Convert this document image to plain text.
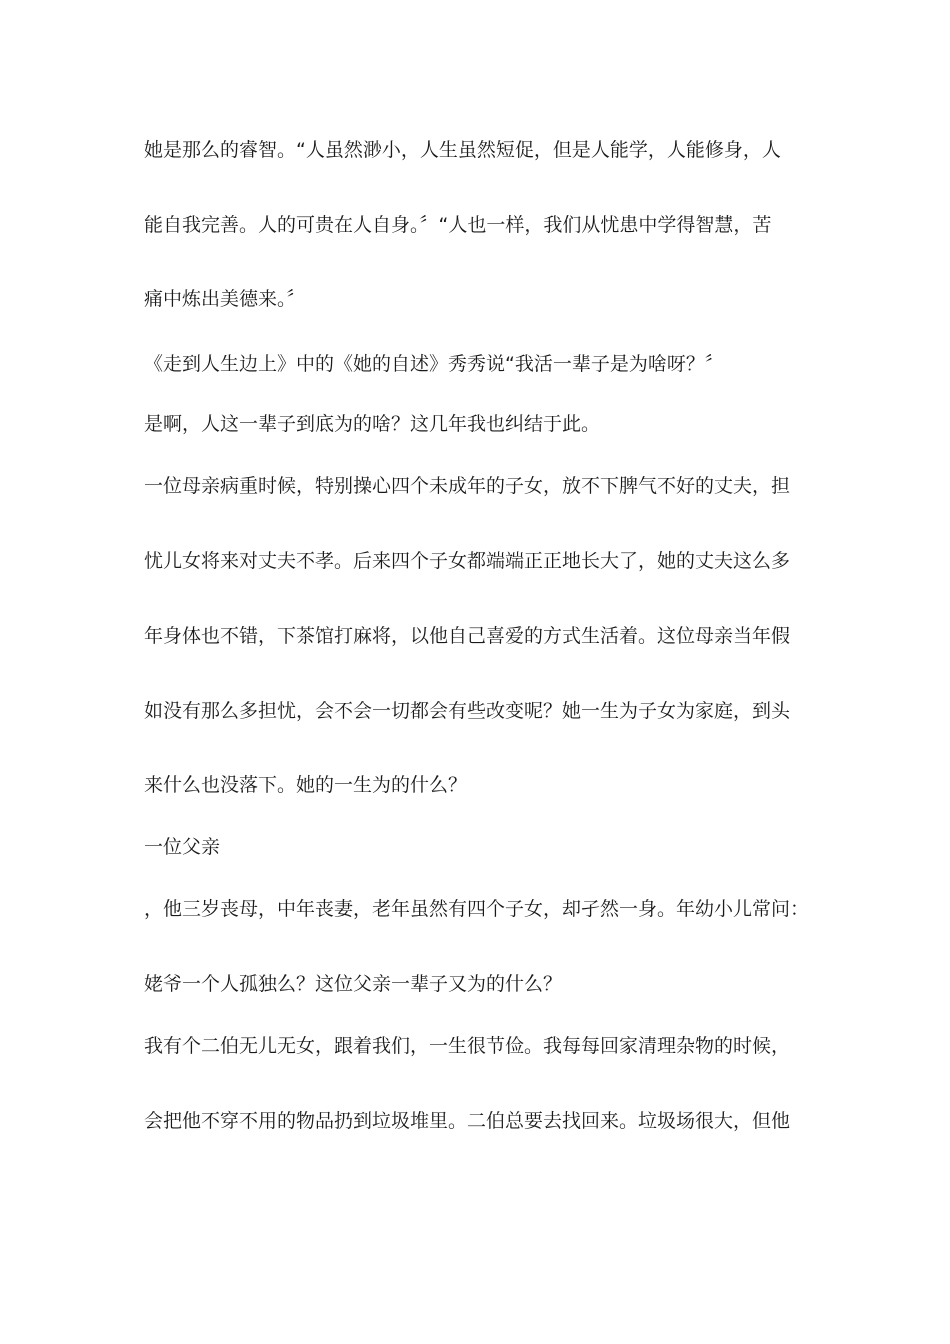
她是那么的睿智。“人虽然渺小，人生虽然短促，但是人能学，人能修身，人
能自我完善。人的可贵在人自身。〞“人也一样，我们从忧患中学得智慧，苦
痛中炼出美德来。〞
《走到人生边上》中的《她的自述》秀秀说“我活一辈子是为啥呀？〞
是啊，人这一辈子到底为的啥？这几年我也纠结于此。
一位母亲病重时候，特别操心四个未成年的子女，放不下脾气不好的丈夫，担
忧儿女将来对丈夫不孝。后来四个子女都端端正正地长大了，她的丈夫这么多
年身体也不错，下茶馆打麻将，以他自己喜爱的方式生活着。这位母亲当年假
如没有那么多担忧，会不会一切都会有些改变呢？她一生为子女为家庭，到头
来什么也没落下。她的一生为的什么？
一位父亲
，他三岁丧母，中年丧妻，老年虽然有四个子女，却孑然一身。年幼小儿常问：
姥爷一个人孤独么？这位父亲一辈子又为的什么？
我有个二伯无儿无女，跟着我们，一生很节俭。我每每回家清理杂物的时候，
会把他不穿不用的物品扔到垃圾堆里。二伯总要去找回来。垃圾场很大，但他
